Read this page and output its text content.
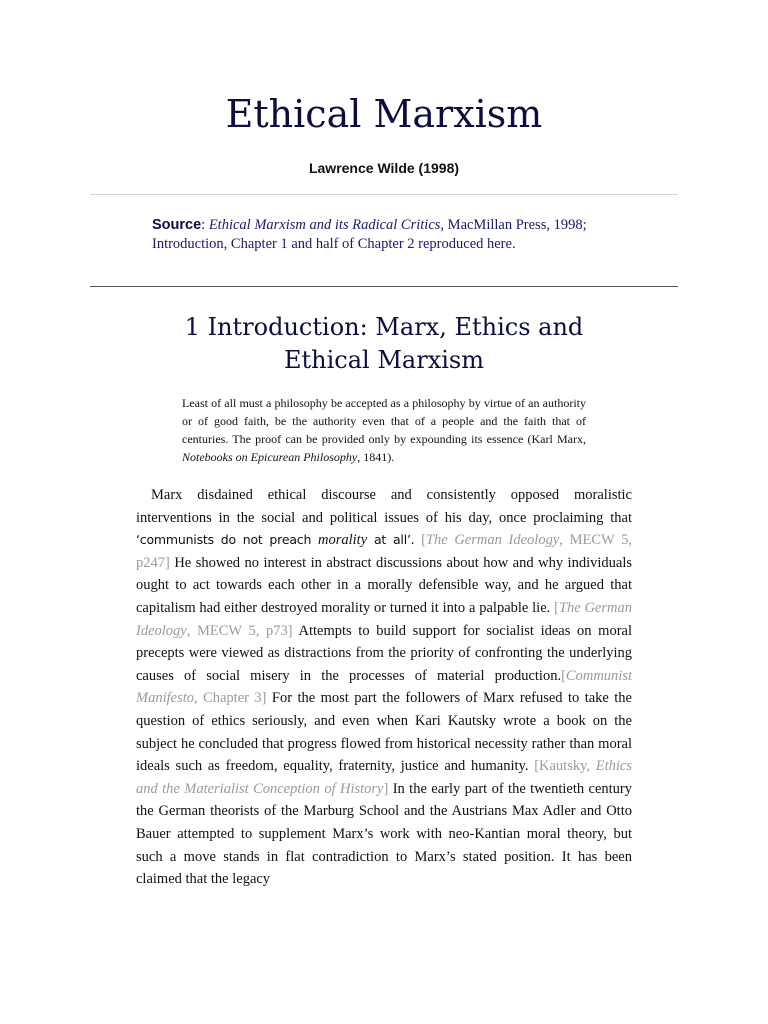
Ethical Marxism
Lawrence Wilde (1998)
Source: Ethical Marxism and its Radical Critics, MacMillan Press, 1998; Introduction, Chapter 1 and half of Chapter 2 reproduced here.
1 Introduction: Marx, Ethics and Ethical Marxism
Least of all must a philosophy be accepted as a philosophy by virtue of an authority or of good faith, be the authority even that of a people and the faith that of centuries. The proof can be provided only by expounding its essence (Karl Marx, Notebooks on Epicurean Philosophy, 1841).
Marx disdained ethical discourse and consistently opposed moralistic interventions in the social and political issues of his day, once proclaiming that ‘communists do not preach morality at all’. [The German Ideology, MECW 5, p247] He showed no interest in abstract discussions about how and why individuals ought to act towards each other in a morally defensible way, and he argued that capitalism had either destroyed morality or turned it into a palpable lie. [The German Ideology, MECW 5, p73] Attempts to build support for socialist ideas on moral precepts were viewed as distractions from the priority of confronting the underlying causes of social misery in the processes of material production.[Communist Manifesto, Chapter 3] For the most part the followers of Marx refused to take the question of ethics seriously, and even when Kari Kautsky wrote a book on the subject he concluded that progress flowed from historical necessity rather than moral ideals such as freedom, equality, fraternity, justice and humanity. [Kautsky, Ethics and the Materialist Conception of History] In the early part of the twentieth century the German theorists of the Marburg School and the Austrians Max Adler and Otto Bauer attempted to supplement Marx’s work with neo-Kantian moral theory, but such a move stands in flat contradiction to Marx’s stated position. It has been claimed that the legacy
